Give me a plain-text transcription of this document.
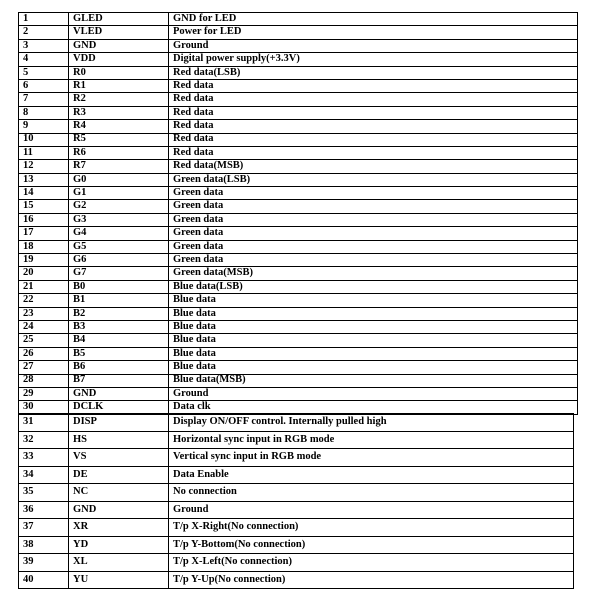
1	GLED	GND for LED
2	VLED	Power for LED
3	GND	Ground
4	VDD	Digital power supply(+3.3V)
5	R0	Red data(LSB)
6	R1	Red data
7	R2	Red data
8	R3	Red data
9	R4	Red data
10	R5	Red data
11	R6	Red data
12	R7	Red data(MSB)
13	G0	Green data(LSB)
14	G1	Green data
15	G2	Green data
16	G3	Green data
17	G4	Green data
18	G5	Green data
19	G6	Green data
20	G7	Green data(MSB)
21	B0	Blue data(LSB)
22	B1	Blue data
23	B2	Blue data
24	B3	Blue data
25	B4	Blue data
26	B5	Blue data
27	B6	Blue data
28	B7	Blue data(MSB)
29	GND	Ground
30	DCLK	Data clk
31	DISP	Display ON/OFF control. Internally pulled high
32	HS	Horizontal sync input in RGB mode
33	VS	Vertical sync input in RGB mode
34	DE	Data Enable
35	NC	No connection
36	GND	Ground
37	XR	T/p X-Right(No connection)
38	YD	T/p Y-Bottom(No connection)
39	XL	T/p X-Left(No connection)
40	YU	T/p Y-Up(No connection)
